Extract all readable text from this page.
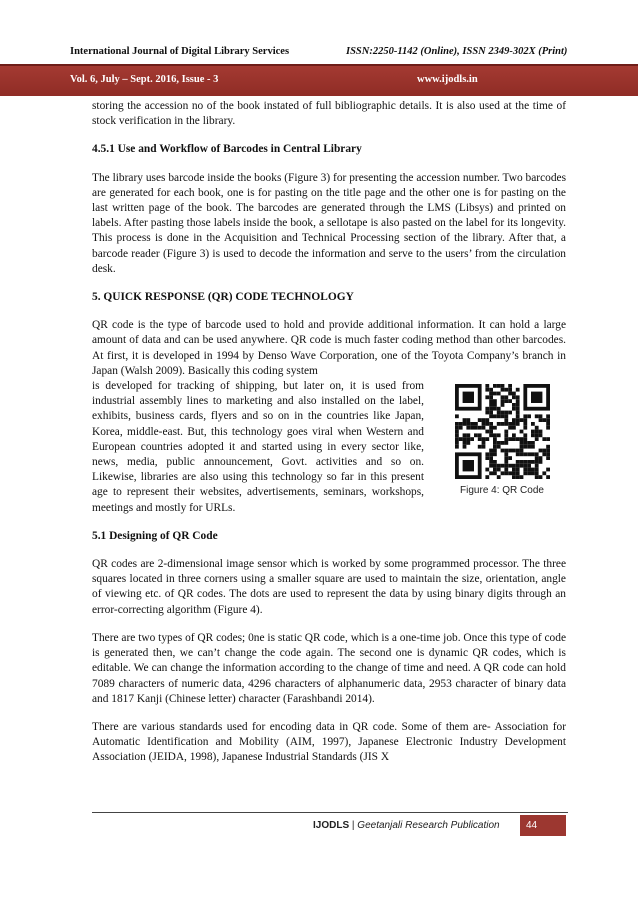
International Journal of Digital Library Services	ISSN:2250-1142 (Online), ISSN 2349-302X (Print)
Vol. 6, July – Sept. 2016, Issue - 3	www.ijodls.in

storing the accession no of the book instated of full bibliographic details. It is also used at the time of stock verification in the library.

4.5.1 Use and Workflow of Barcodes in Central Library

The library uses barcode inside the books (Figure 3) for presenting the accession number. Two barcodes are generated for each book, one is for pasting on the title page and the other one is for pasting on the last written page of the book. The barcodes are generated through the LMS (Libsys) and printed on labels. After pasting those labels inside the book, a sellotape is also pasted on the label for its longevity. This process is done in the Acquisition and Technical Processing section of the library. After that, a barcode reader (Figure 3) is used to decode the information and serve to the users’ from the circulation desk.

5. QUICK RESPONSE (QR) CODE TECHNOLOGY

QR code is the type of barcode used to hold and provide additional information. It can hold a large amount of data and can be used anywhere. QR code is much faster coding method than other barcodes. At first, it is developed in 1994 by Denso Wave Corporation, one of the Toyota Company’s branch in Japan (Walsh 2009). Basically this coding system

Figure 4: QR Code

is developed for tracking of shipping, but later on, it is used from industrial assembly lines to marketing and also installed on the label, exhibits, business cards, flyers and so on in the countries like Japan, Korea, middle-east. But, this technology goes viral when Western and European countries adopted it and started using in every sector like, news, media, public announcement, Govt. activities and so on. Likewise, libraries are also using this technology so far in this present age to represent their websites, advertisements, seminars, workshops, meetings and mostly for URLs.

5.1 Designing of QR Code

QR codes are 2-dimensional image sensor which is worked by some programmed processor. The three squares located in three corners using a smaller square are used to maintain the size, orientation, angle of viewing etc. of QR codes. The dots are used to represent the data by using binary digits through an error-correcting algorithm (Figure 4).

There are two types of QR codes; 0ne is static QR code, which is a one-time job. Once this type of code is generated then, we can’t change the code again. The second one is dynamic QR codes, which is editable. We can change the information according to the change of time and need. A QR code can hold 7089 characters of numeric data, 4296 characters of alphanumeric data, 2953 character of binary data and 1817 Kanji (Chinese letter) character (Farashbandi 2014).

There are various standards used for encoding data in QR code. Some of them are- Association for Automatic Identification and Mobility (AIM, 1997), Japanese Electronic Industry Development Association (JEIDA, 1998), Japanese Industrial Standards (JIS X

IJODLS | Geetanjali Research Publication	44
